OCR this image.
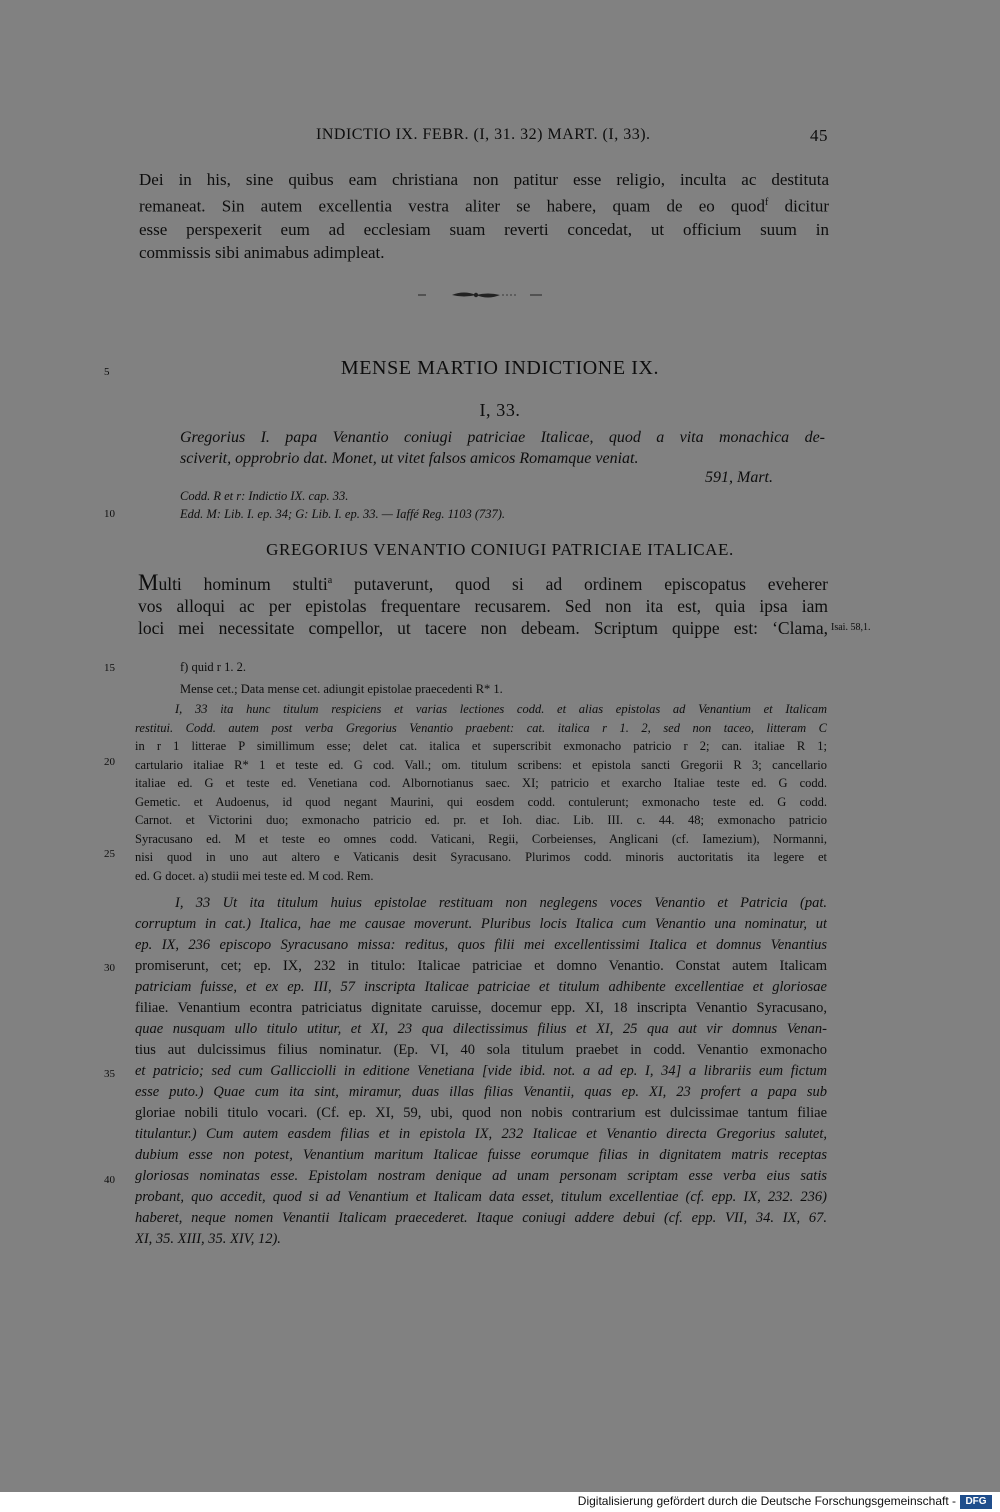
INDICTIO IX. FEBR. (I, 31. 32) MART. (I, 33).	45
Dei in his, sine quibus eam christiana non patitur esse religio, inculta ac destituta
remaneat. Sin autem excellentia vestra aliter se habere, quam de eo quod$^f$ dicitur
esse perspexerit eum ad ecclesiam suam reverti concedat, ut officium suum in
commissis sibi animabus adimpleat.
5
10
15
20
25
30
35
40
MENSE MARTIO INDICTIONE IX.
I, 33.
Gregorius I. papa Venantio coniugi patriciae Italicae, quod a vita monachica de-
sciverit, opprobrio dat. Monet, ut vitet falsos amicos Romamque veniat.
591, Mart.
Codd. R et r: Indictio IX. cap. 33.
Edd. M: Lib. I. ep. 34; G: Lib. I. ep. 33. — Iaffé Reg. 1103 (737).
GREGORIUS VENANTIO CONIUGI PATRICIAE ITALICAE.
Multi hominum stulti$^a$ putaverunt, quod si ad ordinem episcopatus eveherer
vos alloqui ac per epistolas frequentare recusarem. Sed non ita est, quia ipsa iam
loci mei necessitate compellor, ut tacere non debeam. Scriptum quippe est: ‘Clama, Isai. 58,1.
f) quid r 1. 2.
Mense cet.; Data mense cet. adiungit epistolae praecedenti R* 1.
I, 33 ita hunc titulum respiciens et varias lectiones codd. et alias epistolas ad Venantium et Italicam
restitui. Codd. autem post verba Gregorius Venantio praebent: cat. italica r 1. 2, sed non taceo, litteram C
in r 1 litterae P simillimum esse; delet cat. italica et superscribit exmonacho patricio r 2; can. italiae R 1;
cartulario italiae R* 1 et teste ed. G cod. Vall.; om. titulum scribens: et epistola sancti Gregorii R 3; cancellario
italiae ed. G et teste ed. Venetiana cod. Albornotianus saec. XI; patricio et exarcho Italiae teste ed. G codd.
Gemetic. et Audoenus, id quod negant Maurini, qui eosdem codd. contulerunt; exmonacho teste ed. G codd.
Carnot. et Victorini duo; exmonacho patricio ed. pr. et Ioh. diac. Lib. III. c. 44. 48; exmonacho patricio
Syracusano ed. M et teste eo omnes codd. Vaticani, Regii, Corbeienses, Anglicani (cf. Iamezium), Normanni,
nisi quod in uno aut altero e Vaticanis desit Syracusano. Plurimos codd. minoris auctoritatis ita legere et
ed. G docet. a) studii mei teste ed. M cod. Rem.
I, 33 Ut ita titulum huius epistolae restituam non neglegens voces Venantio et Patricia (pat.
corruptum in cat.) Italica, hae me causae moverunt. Pluribus locis Italica cum Venantio una nominatur, ut
ep. IX, 236 episcopo Syracusano missa: reditus, quos filii mei excellentissimi Italica et domnus Venantius
promiserunt, cet; ep. IX, 232 in titulo: Italicae patriciae et domno Venantio. Constat autem Italicam
patriciam fuisse, et ex ep. III, 57 inscripta Italicae patriciae et titulum adhibente excellentiae et gloriosae
filiae. Venantium econtra patriciatus dignitate caruisse, docemur epp. XI, 18 inscripta Venantio Syracusano,
quae nusquam ullo titulo utitur, et XI, 23 qua dilectissimus filius et XI, 25 qua aut vir domnus Venan-
tius aut dulcissimus filius nominatur. (Ep. VI, 40 sola titulum praebet in codd. Venantio exmonacho
et patricio; sed cum Gallicciolli in editione Venetiana [vide ibid. not. a ad ep. I, 34] a librariis eum fictum
esse puto.) Quae cum ita sint, miramur, duas illas filias Venantii, quas ep. XI, 23 profert a papa sub
gloriae nobili titulo vocari. (Cf. ep. XI, 59, ubi, quod non nobis contrarium est dulcissimae tantum filiae
titulantur.) Cum autem easdem filias et in epistola IX, 232 Italicae et Venantio directa Gregorius salutet,
dubium esse non potest, Venantium maritum Italicae fuisse eorumque filias in dignitatem matris receptas
gloriosas nominatas esse. Epistolam nostram denique ad unam personam scriptam esse verba eius satis
probant, quo accedit, quod si ad Venantium et Italicam data esset, titulum excellentiae (cf. epp. IX, 232. 236)
haberet, neque nomen Venantii Italicam praecederet. Itaque coniugi addere debui (cf. epp. VII, 34. IX, 67.
XI, 35. XIII, 35. XIV, 12).
Digitalisierung gefördert durch die Deutsche Forschungsgemeinschaft - DFG
